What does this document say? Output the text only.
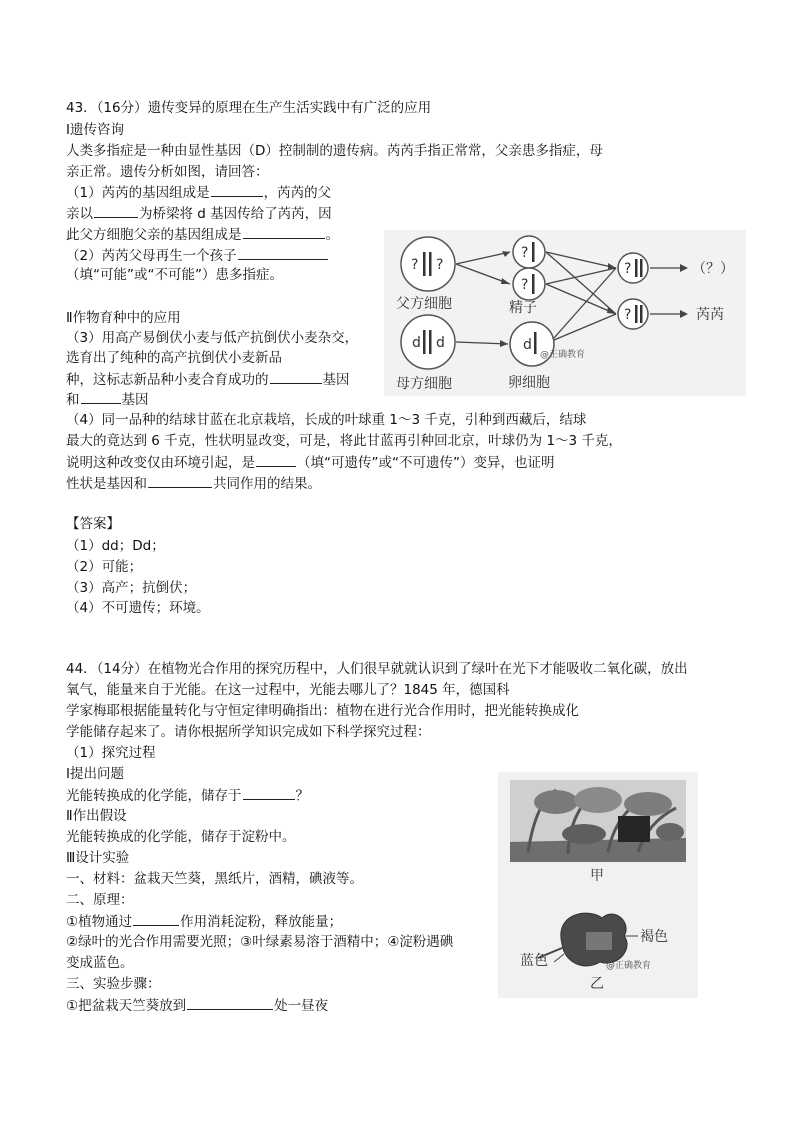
43．（16分）遗传变异的原理在生产生活实践中有广泛的应用
Ⅰ遗传咨询
人类多指症是一种由显性基因（D）控制制的遗传病。芮芮手指正常常，父亲患多指症，母
亲正常。遗传分析如图，请回答：
（1）芮芮的基因组成是	，芮芮的父
亲以	为桥梁将 d 基因传给了芮芮，因
此父方细胞父亲的基因组成是	。
（2）芮芮父母再生一个孩子
（填“可能”或“不可能”）患多指症。
Ⅱ作物育种中的应用
（3）用高产易倒伏小麦与低产抗倒伏小麦杂交，
选育出了纯种的高产抗倒伏小麦新品
种，这标志新品种小麦合育成功的	基因
和	基因
（4）同一品种的结球甘蓝在北京栽培，长成的叶球重 1～3 千克，引种到西藏后，结球
最大的竟达到 6 千克，性状明显改变，可是，将此甘蓝再引种回北京，叶球仍为 1～3 千克，
说明这种改变仅由环境引起，是	（填“可遗传”或“不可遗传”）变异，也证明
性状是基因和	共同作用的结果。
【答案】
（1）dd；Dd；
（2）可能；
（3）高产；抗倒伏；
（4）不可遗传；环境。
? ?
父方细胞
d d
母方细胞
?
?
精子
d
@正确教育
卵细胞
?
?
（？）
芮芮
44．（14分）在植物光合作用的探究历程中，人们很早就就认识到了绿叶在光下才能吸收二氧化碳，放出
氧气，能量来自于光能。在这一过程中，光能去哪儿了？1845 年，德国科
学家梅耶根据能量转化与守恒定律明确指出：植物在进行光合作用时，把光能转换成化
学能储存起来了。请你根据所学知识完成如下科学探究过程：
（1）探究过程
Ⅰ提出问题
光能转换成的化学能，储存于	？
Ⅱ作出假设
光能转换成的化学能，储存于淀粉中。
Ⅲ设计实验
一、材料：盆栽天竺葵，黑纸片，酒精，碘液等。
二、原理：
①植物通过	作用消耗淀粉，释放能量；
②绿叶的光合作用需要光照；③叶绿素易溶于酒精中；④淀粉遇碘
变成蓝色。
三、实验步骤：
①把盆栽天竺葵放到	处一昼夜
甲
褐色
蓝色	@正确教育
乙
